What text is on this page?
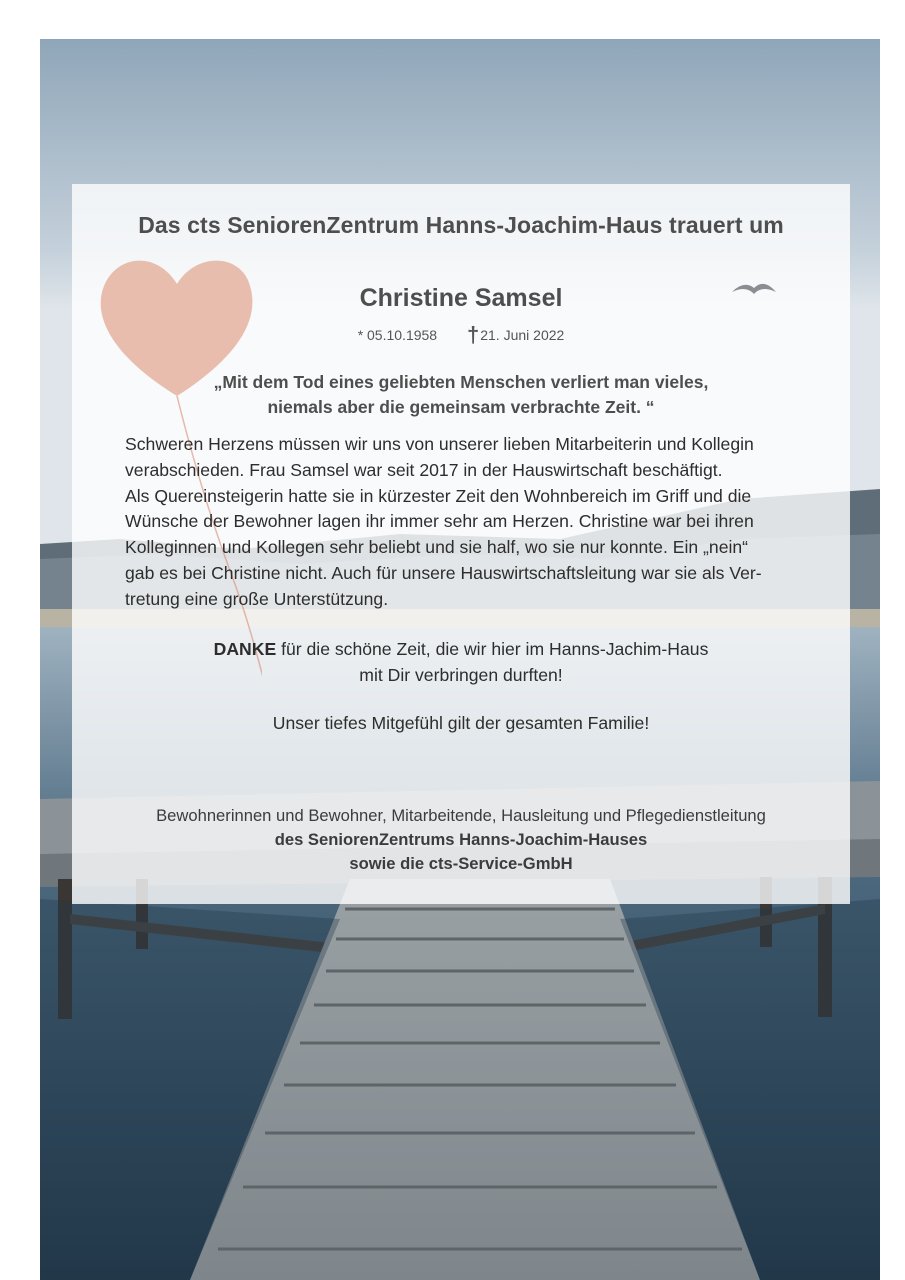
Das cts SeniorenZentrum Hanns-Joachim-Haus trauert um
Christine Samsel
* 05.10.1958 †21. Juni 2022
„Mit dem Tod eines geliebten Menschen verliert man vieles,
niemals aber die gemeinsam verbrachte Zeit. “
Schweren Herzens müssen wir uns von unserer lieben Mitarbeiterin und Kollegin
verabschieden. Frau Samsel war seit 2017 in der Hauswirtschaft beschäftigt.
Als Quereinsteigerin hatte sie in kürzester Zeit den Wohnbereich im Griff und die
Wünsche der Bewohner lagen ihr immer sehr am Herzen. Christine war bei ihren
Kolleginnen und Kollegen sehr beliebt und sie half, wo sie nur konnte. Ein „nein“
gab es bei Christine nicht. Auch für unsere Hauswirtschaftsleitung war sie als Ver-
tretung eine große Unterstützung.
DANKE für die schöne Zeit, die wir hier im Hanns-Jachim-Haus
mit Dir verbringen durften!
Unser tiefes Mitgefühl gilt der gesamten Familie!
Bewohnerinnen und Bewohner, Mitarbeitende, Hausleitung und Pflegedienstleitung
des SeniorenZentrums Hanns-Joachim-Hauses
sowie die cts-Service-GmbH
